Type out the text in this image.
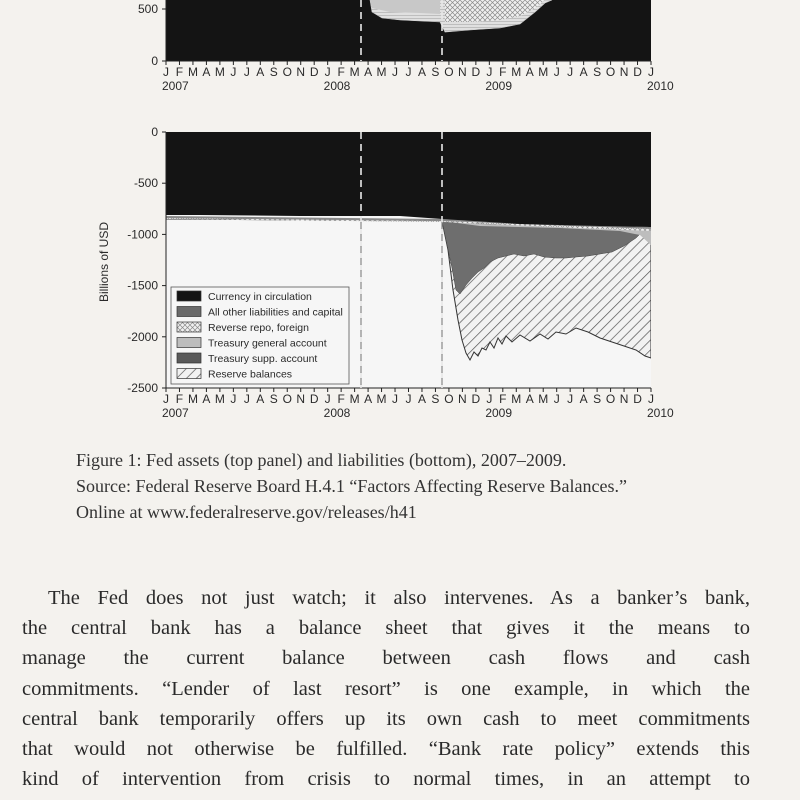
500
0
J F M A M J J A S O N D J F M A M J J A S O N D J F M A M J J A S O N D J
2007	2008	2009	2010
Billions of USD
0
-500
-1000
-1500
-2000
-2500
J F M A M J J A S O N D J F M A M J J A S O N D J F M A M J J A S O N D J
2007	2008	2009	2010
Currency in circulation
All other liabilities and capital
Reverse repo, foreign
Treasury general account
Treasury supp. account
Reserve balances
Figure 1: Fed assets (top panel) and liabilities (bottom), 2007–2009.
Source: Federal Reserve Board H.4.1 “Factors Affecting Reserve Balances.”
Online at www.federalreserve.gov/releases/h41
The Fed does not just watch; it also intervenes. As a banker’s bank,
the central bank has a balance sheet that gives it the means to
manage the current balance between cash flows and cash
commitments. “Lender of last resort” is one example, in which the
central bank temporarily offers up its own cash to meet commitments
that would not otherwise be fulfilled. “Bank rate policy” extends this
kind of intervention from crisis to normal times, in an attempt to
